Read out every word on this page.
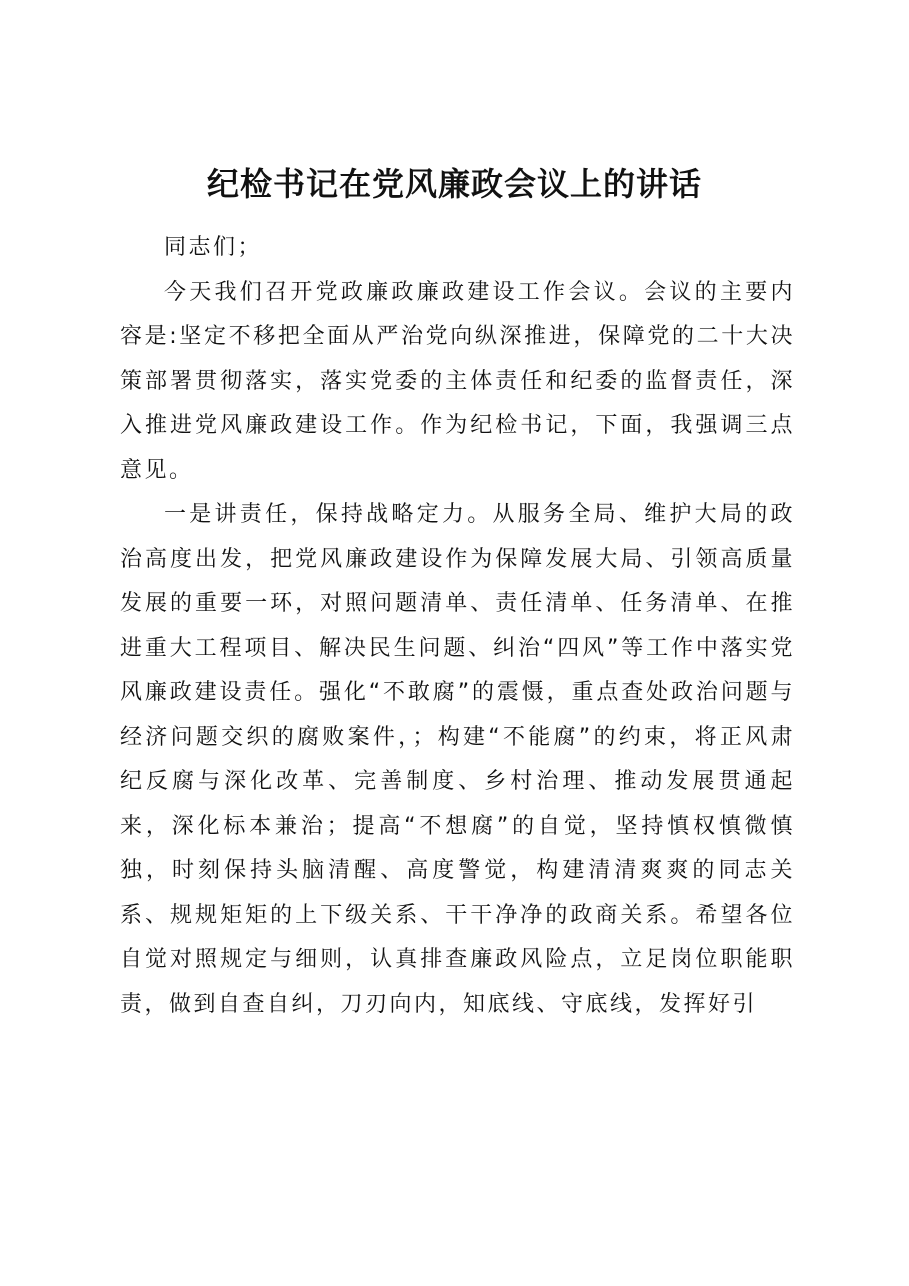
纪检书记在党风廉政会议上的讲话

同志们；

今天我们召开党政廉政廉政建设工作会议。会议的主要内容是:坚定不移把全面从严治党向纵深推进，保障党的二十大决策部署贯彻落实，落实党委的主体责任和纪委的监督责任，深入推进党风廉政建设工作。作为纪检书记，下面，我强调三点意见。

一是讲责任，保持战略定力。从服务全局、维护大局的政治高度出发，把党风廉政建设作为保障发展大局、引领高质量发展的重要一环，对照问题清单、责任清单、任务清单、在推进重大工程项目、解决民生问题、纠治“四风”等工作中落实党风廉政建设责任。强化“不敢腐”的震慑，重点查处政治问题与经济问题交织的腐败案件，；构建“不能腐”的约束，将正风肃纪反腐与深化改革、完善制度、乡村治理、推动发展贯通起来，深化标本兼治；提高“不想腐”的自觉，坚持慎权慎微慎独，时刻保持头脑清醒、高度警觉，构建清清爽爽的同志关系、规规矩矩的上下级关系、干干净净的政商关系。希望各位自觉对照规定与细则，认真排查廉政风险点，立足岗位职能职责，做到自查自纠，刀刃向内，知底线、守底线，发挥好引
